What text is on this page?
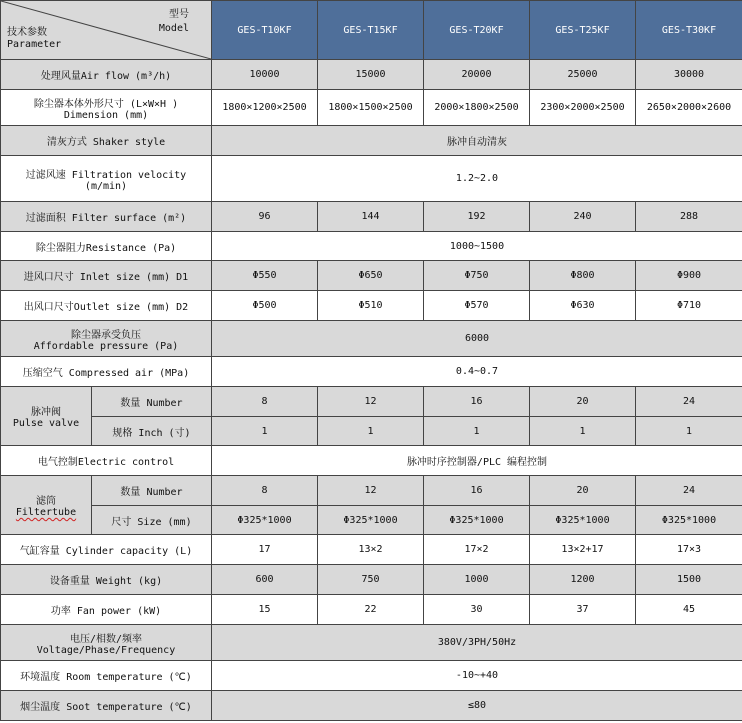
型号
Model
技术参数
Parameter		GES-T10KF	GES-T15KF	GES-T20KF	GES-T25KF	GES-T30KF
处理风量Air flow (m³/h)		10000	15000	20000	25000	30000

除尘器本体外形尺寸 (L×W×H )
Dimension (mm)		1800×1200×2500	1800×1500×2500	2000×1800×2500	2300×2000×2500	2650×2000×2600
清灰方式 Shaker style		脉冲自动清灰				

过滤风速 Filtration velocity
(m/min)		1.2~2.0				
过滤面积 Filter surface (m²)		96	144	192	240	288
除尘器阻力Resistance (Pa)		1000~1500				
进风口尺寸 Inlet size (mm) D1		Φ550	Φ650	Φ750	Φ800	Φ900
出风口尺寸Outlet size (mm) D2		Φ500	Φ510	Φ570	Φ630	Φ710

除尘器承受负压
Affordable pressure (Pa)		6000				
压缩空气 Compressed air (MPa)		0.4~0.7				

脉冲阀
Pulse valve	数量 Number	8	12	16	20	24
	规格 Inch (寸)	1	1	1	1	1
电气控制Electric control		脉冲时序控制器/PLC 编程控制				

滤筒
Filtertube	数量 Number	8	12	16	20	24
	尺寸 Size (mm)	Φ325*1000	Φ325*1000	Φ325*1000	Φ325*1000	Φ325*1000
气缸容量 Cylinder capacity (L)		17	13×2	17×2	13×2+17	17×3
设备重量 Weight (kg)		600	750	1000	1200	1500
功率 Fan power (kW)		15	22	30	37	45

电压/相数/频率
Voltage/Phase/Frequency		380V/3PH/50Hz				
环境温度 Room temperature (℃)		-10~+40				
烟尘温度 Soot temperature (℃)		≤80				
